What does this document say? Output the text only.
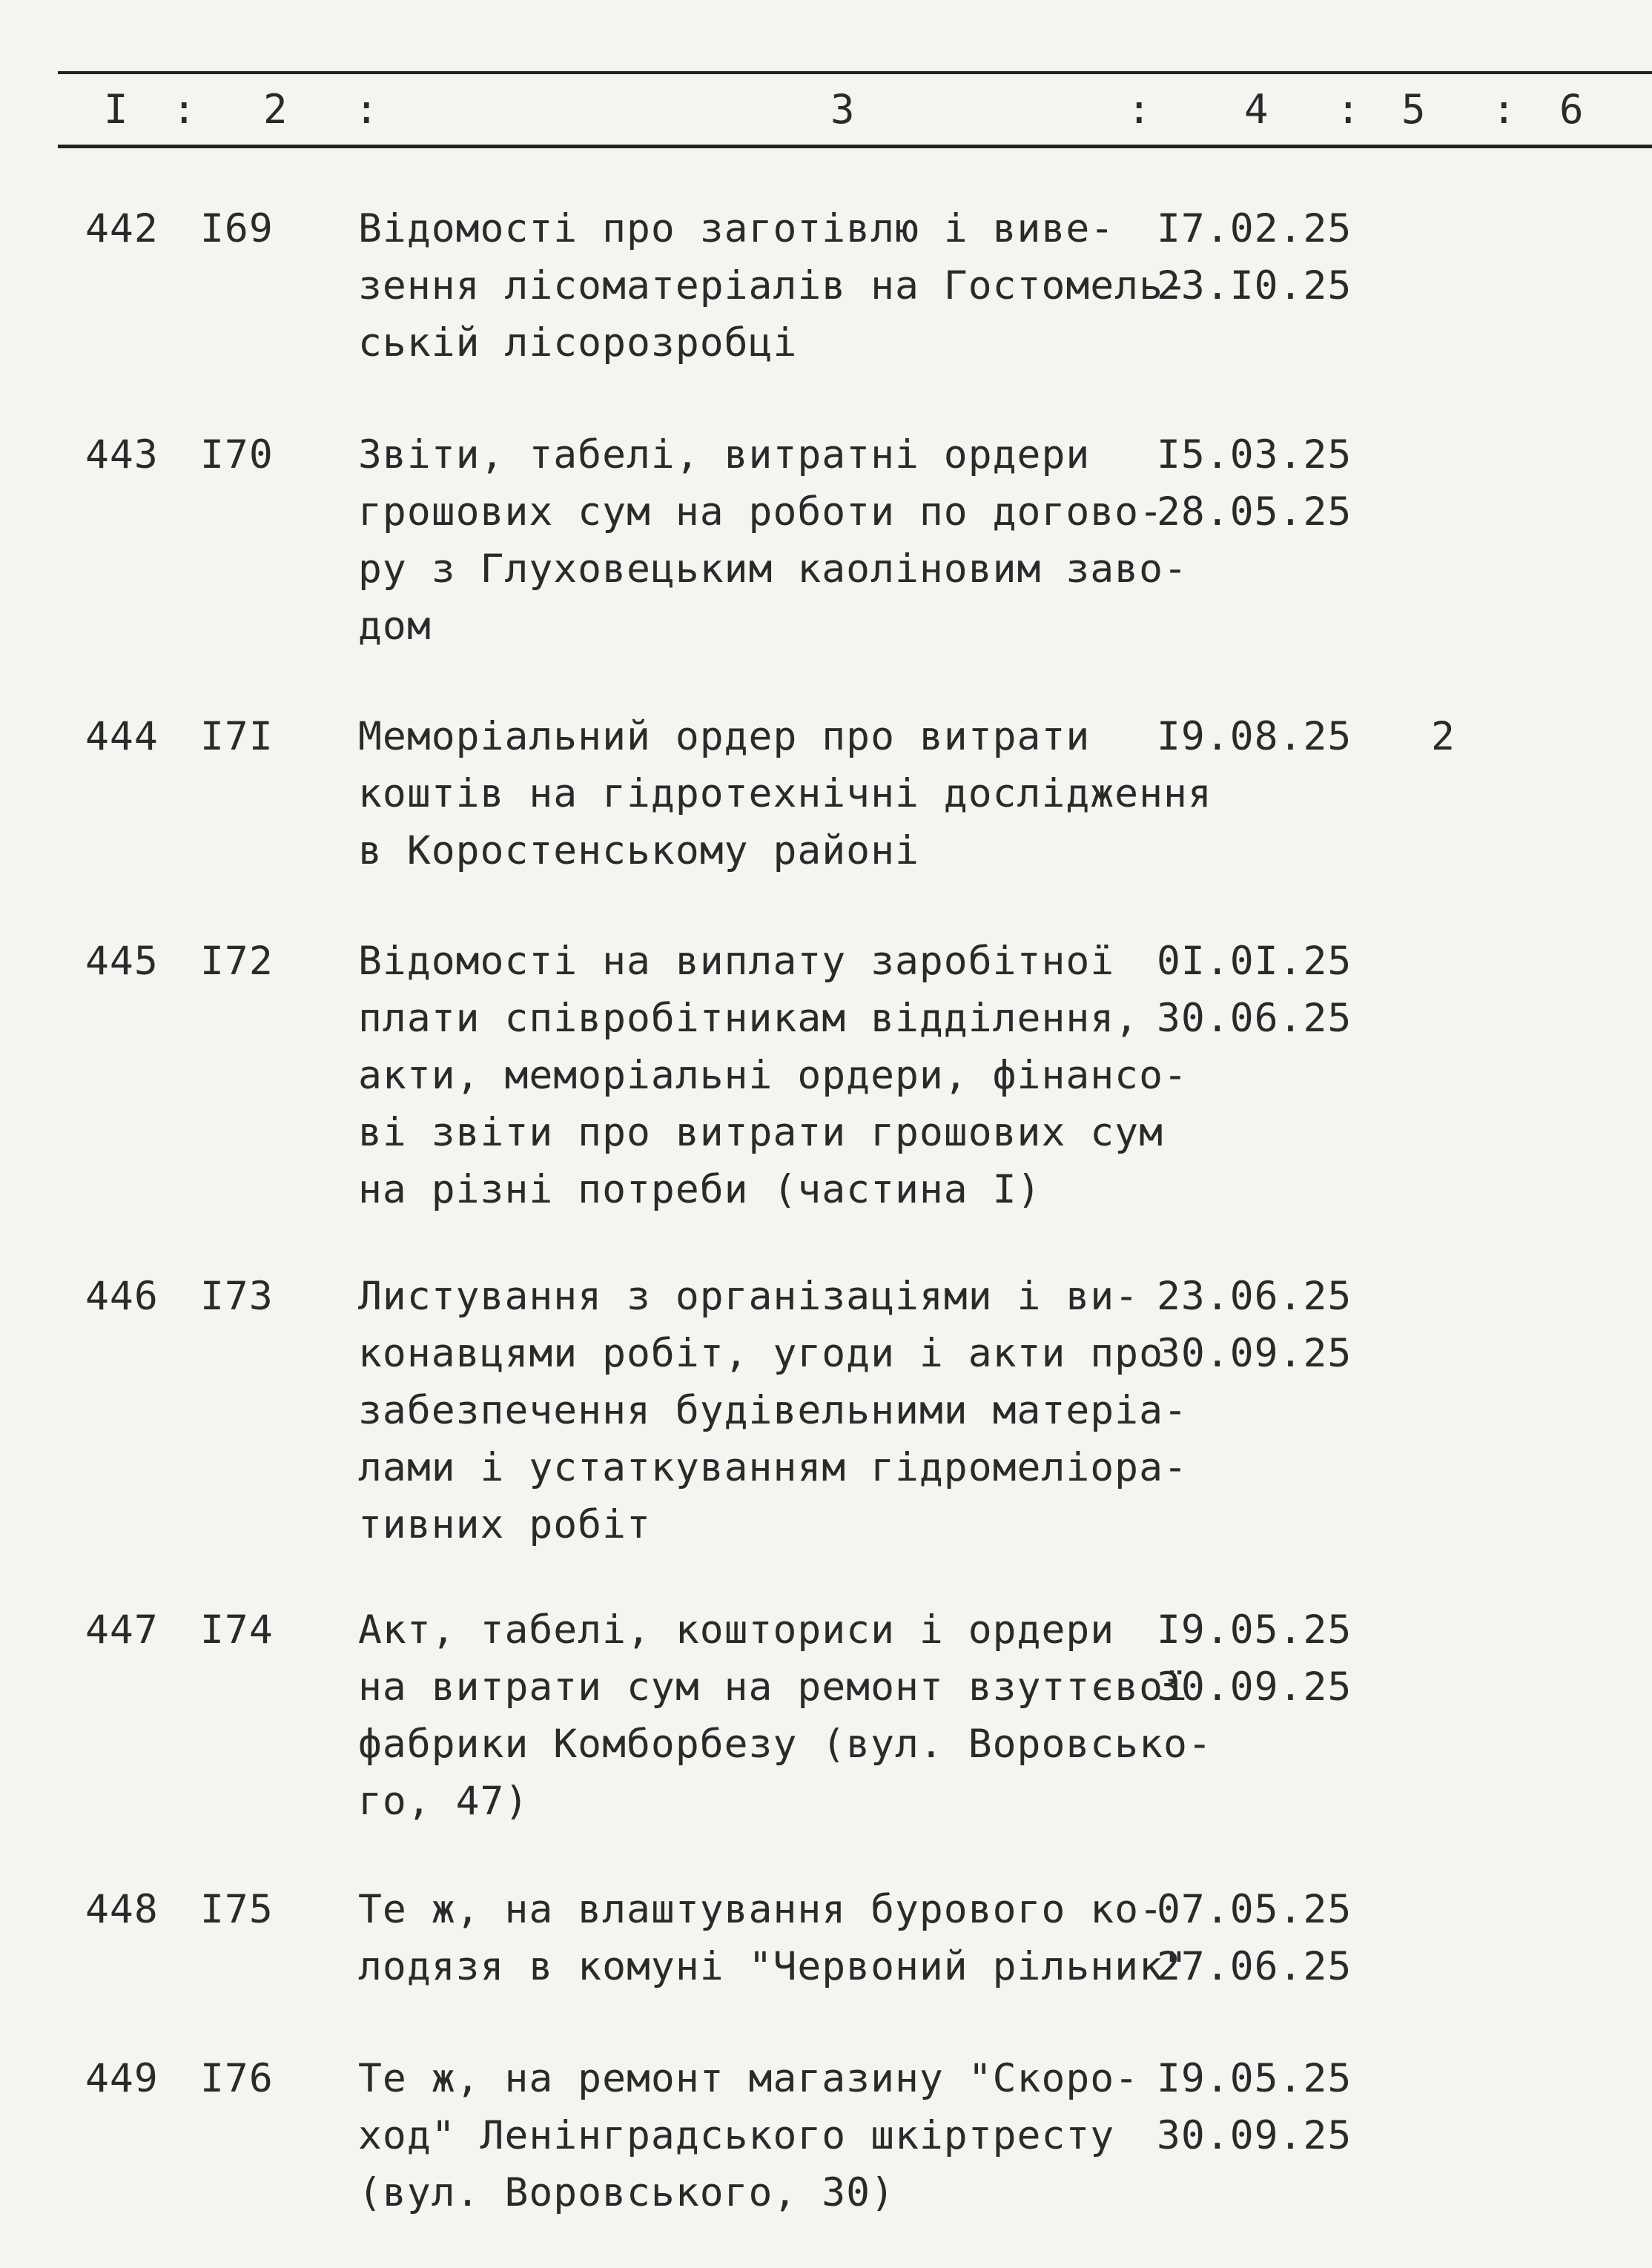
I : 2 :	3	: 4 : 5 : 6
442 I69 Відомості про заготівлю і виве-
зення лісоматеріалів на Гостомель-
ській лісорозробці
I7.02.25
23.I0.25
443 I70 Звіти, табелі, витратні ордери
грошових сум на роботи по догово-
ру з Глуховецьким каоліновим заво-
дом
I5.03.25
28.05.25
444 I7I Меморіальний ордер про витрати
коштів на гідротехнічні дослідження
в Коростенському районі
I9.08.25 2
445 I72 Відомості на виплату заробітної
плати співробітникам відділення,
акти, меморіальні ордери, фінансо-
ві звіти про витрати грошових сум
на різні потреби (частина I)
0I.0I.25
30.06.25
446 I73 Листування з організаціями і ви-
конавцями робіт, угоди і акти про
забезпечення будівельними матеріа-
лами і устаткуванням гідромеліора-
тивних робіт
23.06.25
30.09.25
447 I74 Акт, табелі, кошториси і ордери
на витрати сум на ремонт взуттєвої
фабрики Комборбезу (вул. Воровсько-
го, 47)
I9.05.25
30.09.25
448 I75 Те ж, на влаштування бурового ко-
лодязя в комуні "Червоний рільник"
07.05.25
27.06.25
449 I76 Те ж, на ремонт магазину "Скоро-
ход" Ленінградського шкіртресту
(вул. Воровського, 30)
I9.05.25
30.09.25
